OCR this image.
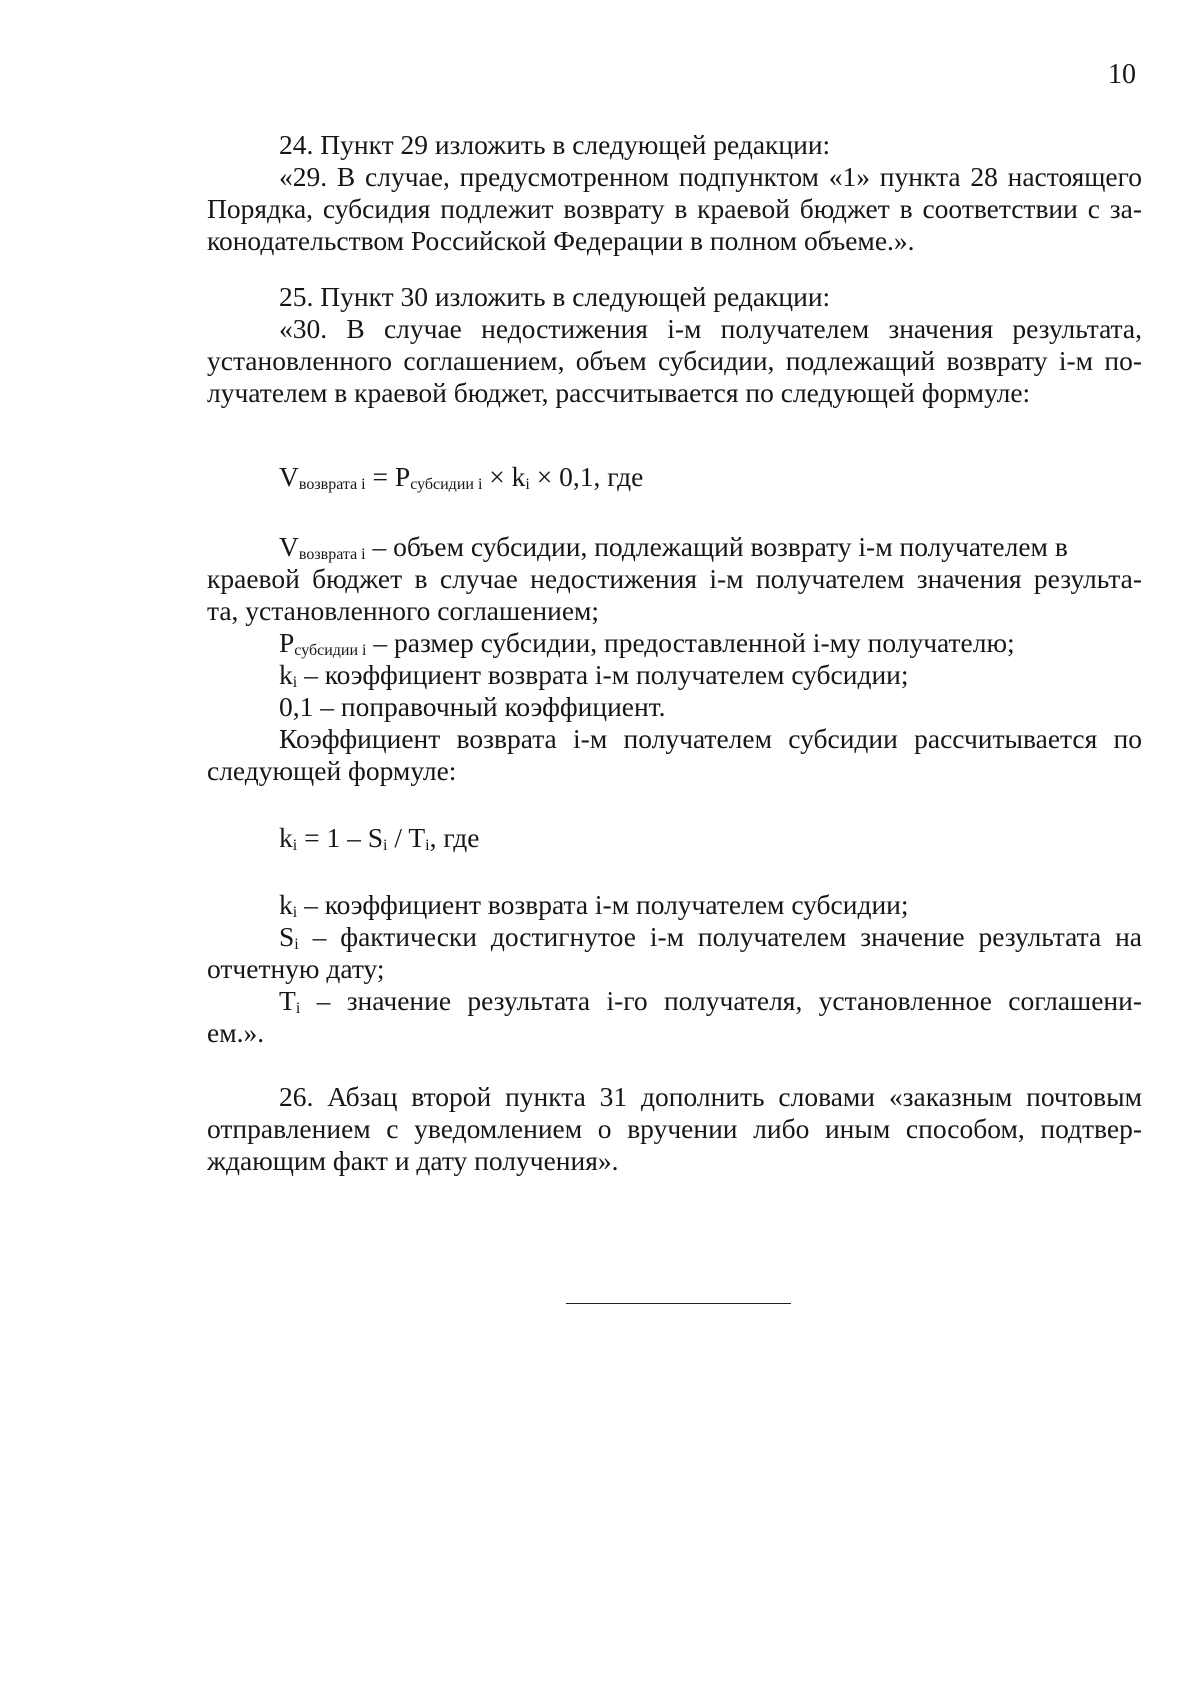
10
24. Пункт 29 изложить в следующей редакции:
«29. В случае, предусмотренном подпунктом «1» пункта 28 настоящего
Порядка, субсидия подлежит возврату в краевой бюджет в соответствии с за-
конодательством Российской Федерации в полном объеме.».
25. Пункт 30 изложить в следующей редакции:
«30. В случае недостижения i-м получателем значения результата,
установленного соглашением, объем субсидии, подлежащий возврату i-м по-
лучателем в краевой бюджет, рассчитывается по следующей формуле:
$V_{возврата i} = P_{субсидии i} \times k_i \times 0,1$, где
$V_{возврата i}$ – объем субсидии, подлежащий возврату i-м получателем в
краевой бюджет в случае недостижения i-м получателем значения результа-
та, установленного соглашением;
$P_{субсидии i}$ – размер субсидии, предоставленной i-му получателю;
$k_i$ – коэффициент возврата i-м получателем субсидии;
0,1 – поправочный коэффициент.
Коэффициент возврата i-м получателем субсидии рассчитывается по
следующей формуле:
$k_i = 1 - S_i / T_i$, где
$k_i$ – коэффициент возврата i-м получателем субсидии;
$S_i$ – фактически достигнутое i-м получателем значение результата на
отчетную дату;
$T_i$ – значение результата i-го получателя, установленное соглашени-
ем.».
26. Абзац второй пункта 31 дополнить словами «заказным почтовым
отправлением с уведомлением о вручении либо иным способом, подтвер-
ждающим факт и дату получения».
